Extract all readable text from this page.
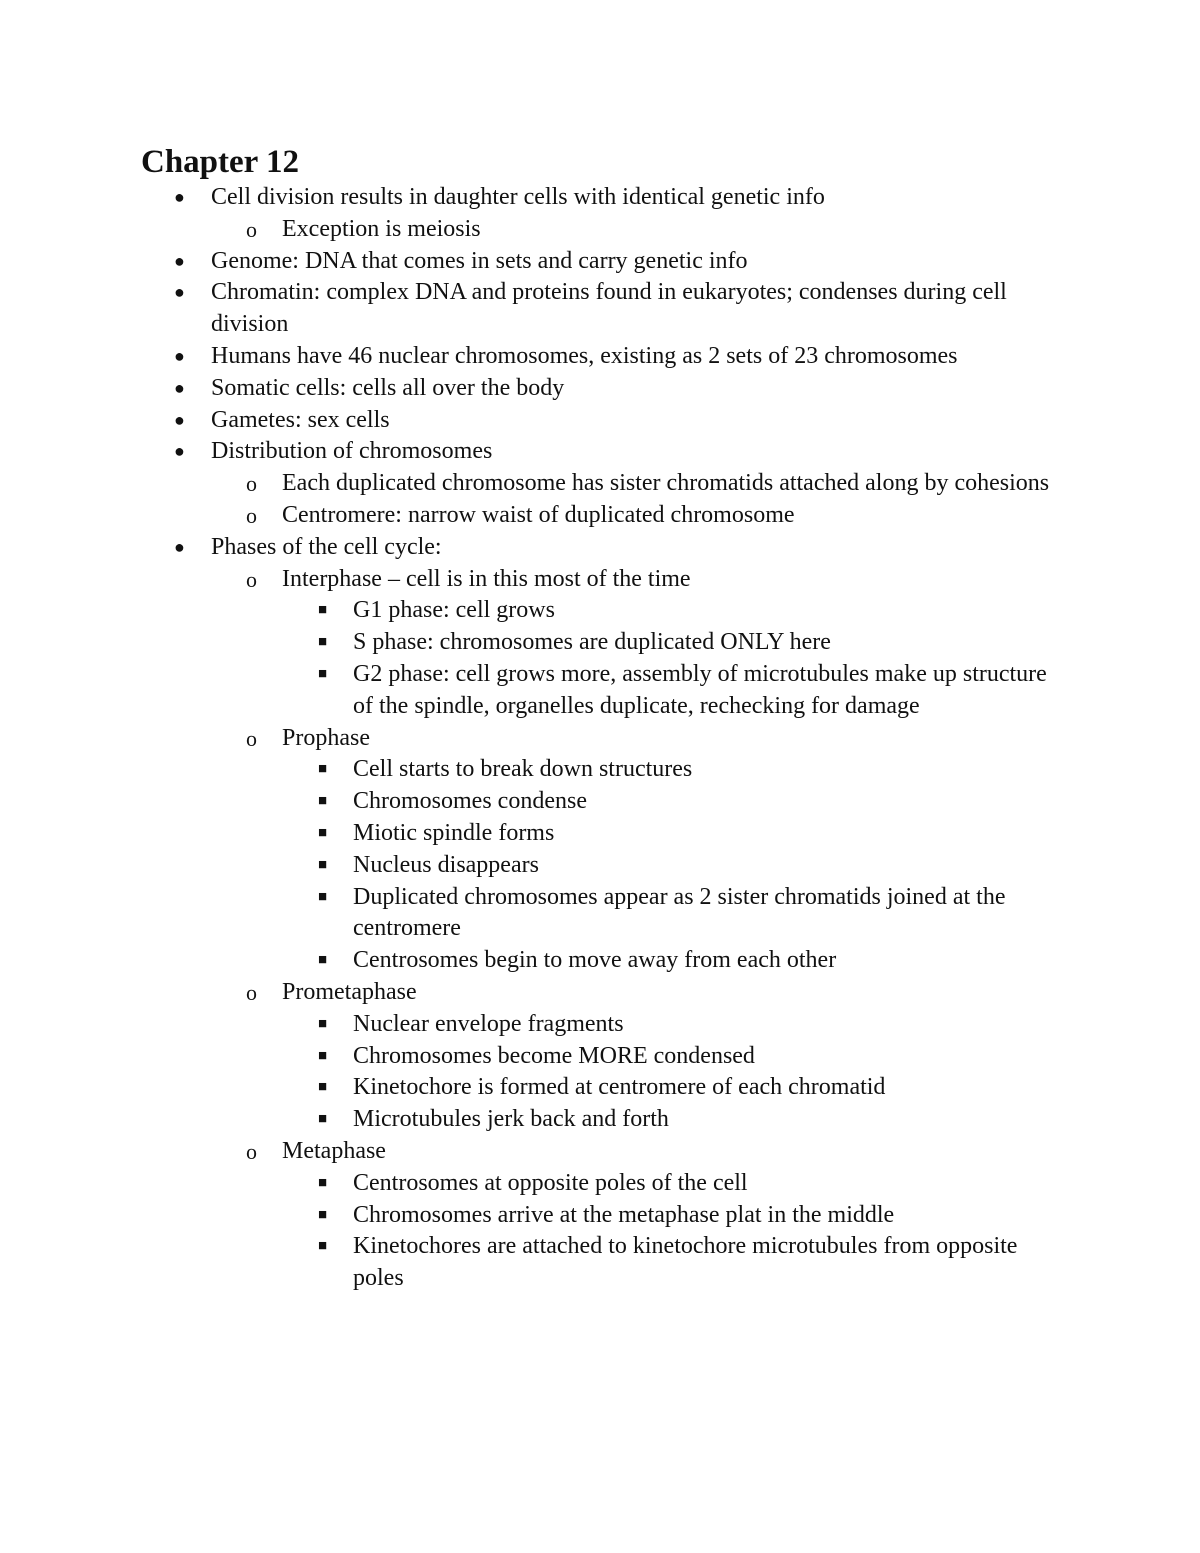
Chapter 12
● Cell division results in daughter cells with identical genetic info
o Exception is meiosis
● Genome: DNA that comes in sets and carry genetic info
● Chromatin: complex DNA and proteins found in eukaryotes; condenses during cell division
● Humans have 46 nuclear chromosomes, existing as 2 sets of 23 chromosomes
● Somatic cells: cells all over the body
● Gametes: sex cells
● Distribution of chromosomes
o Each duplicated chromosome has sister chromatids attached along by cohesions
o Centromere: narrow waist of duplicated chromosome
● Phases of the cell cycle:
o Interphase – cell is in this most of the time
■ G1 phase: cell grows
■ S phase: chromosomes are duplicated ONLY here
■ G2 phase: cell grows more, assembly of microtubules make up structure of the spindle, organelles duplicate, rechecking for damage
o Prophase
■ Cell starts to break down structures
■ Chromosomes condense
■ Miotic spindle forms
■ Nucleus disappears
■ Duplicated chromosomes appear as 2 sister chromatids joined at the centromere
■ Centrosomes begin to move away from each other
o Prometaphase
■ Nuclear envelope fragments
■ Chromosomes become MORE condensed
■ Kinetochore is formed at centromere of each chromatid
■ Microtubules jerk back and forth
o Metaphase
■ Centrosomes at opposite poles of the cell
■ Chromosomes arrive at the metaphase plat in the middle
■ Kinetochores are attached to kinetochore microtubules from opposite poles
